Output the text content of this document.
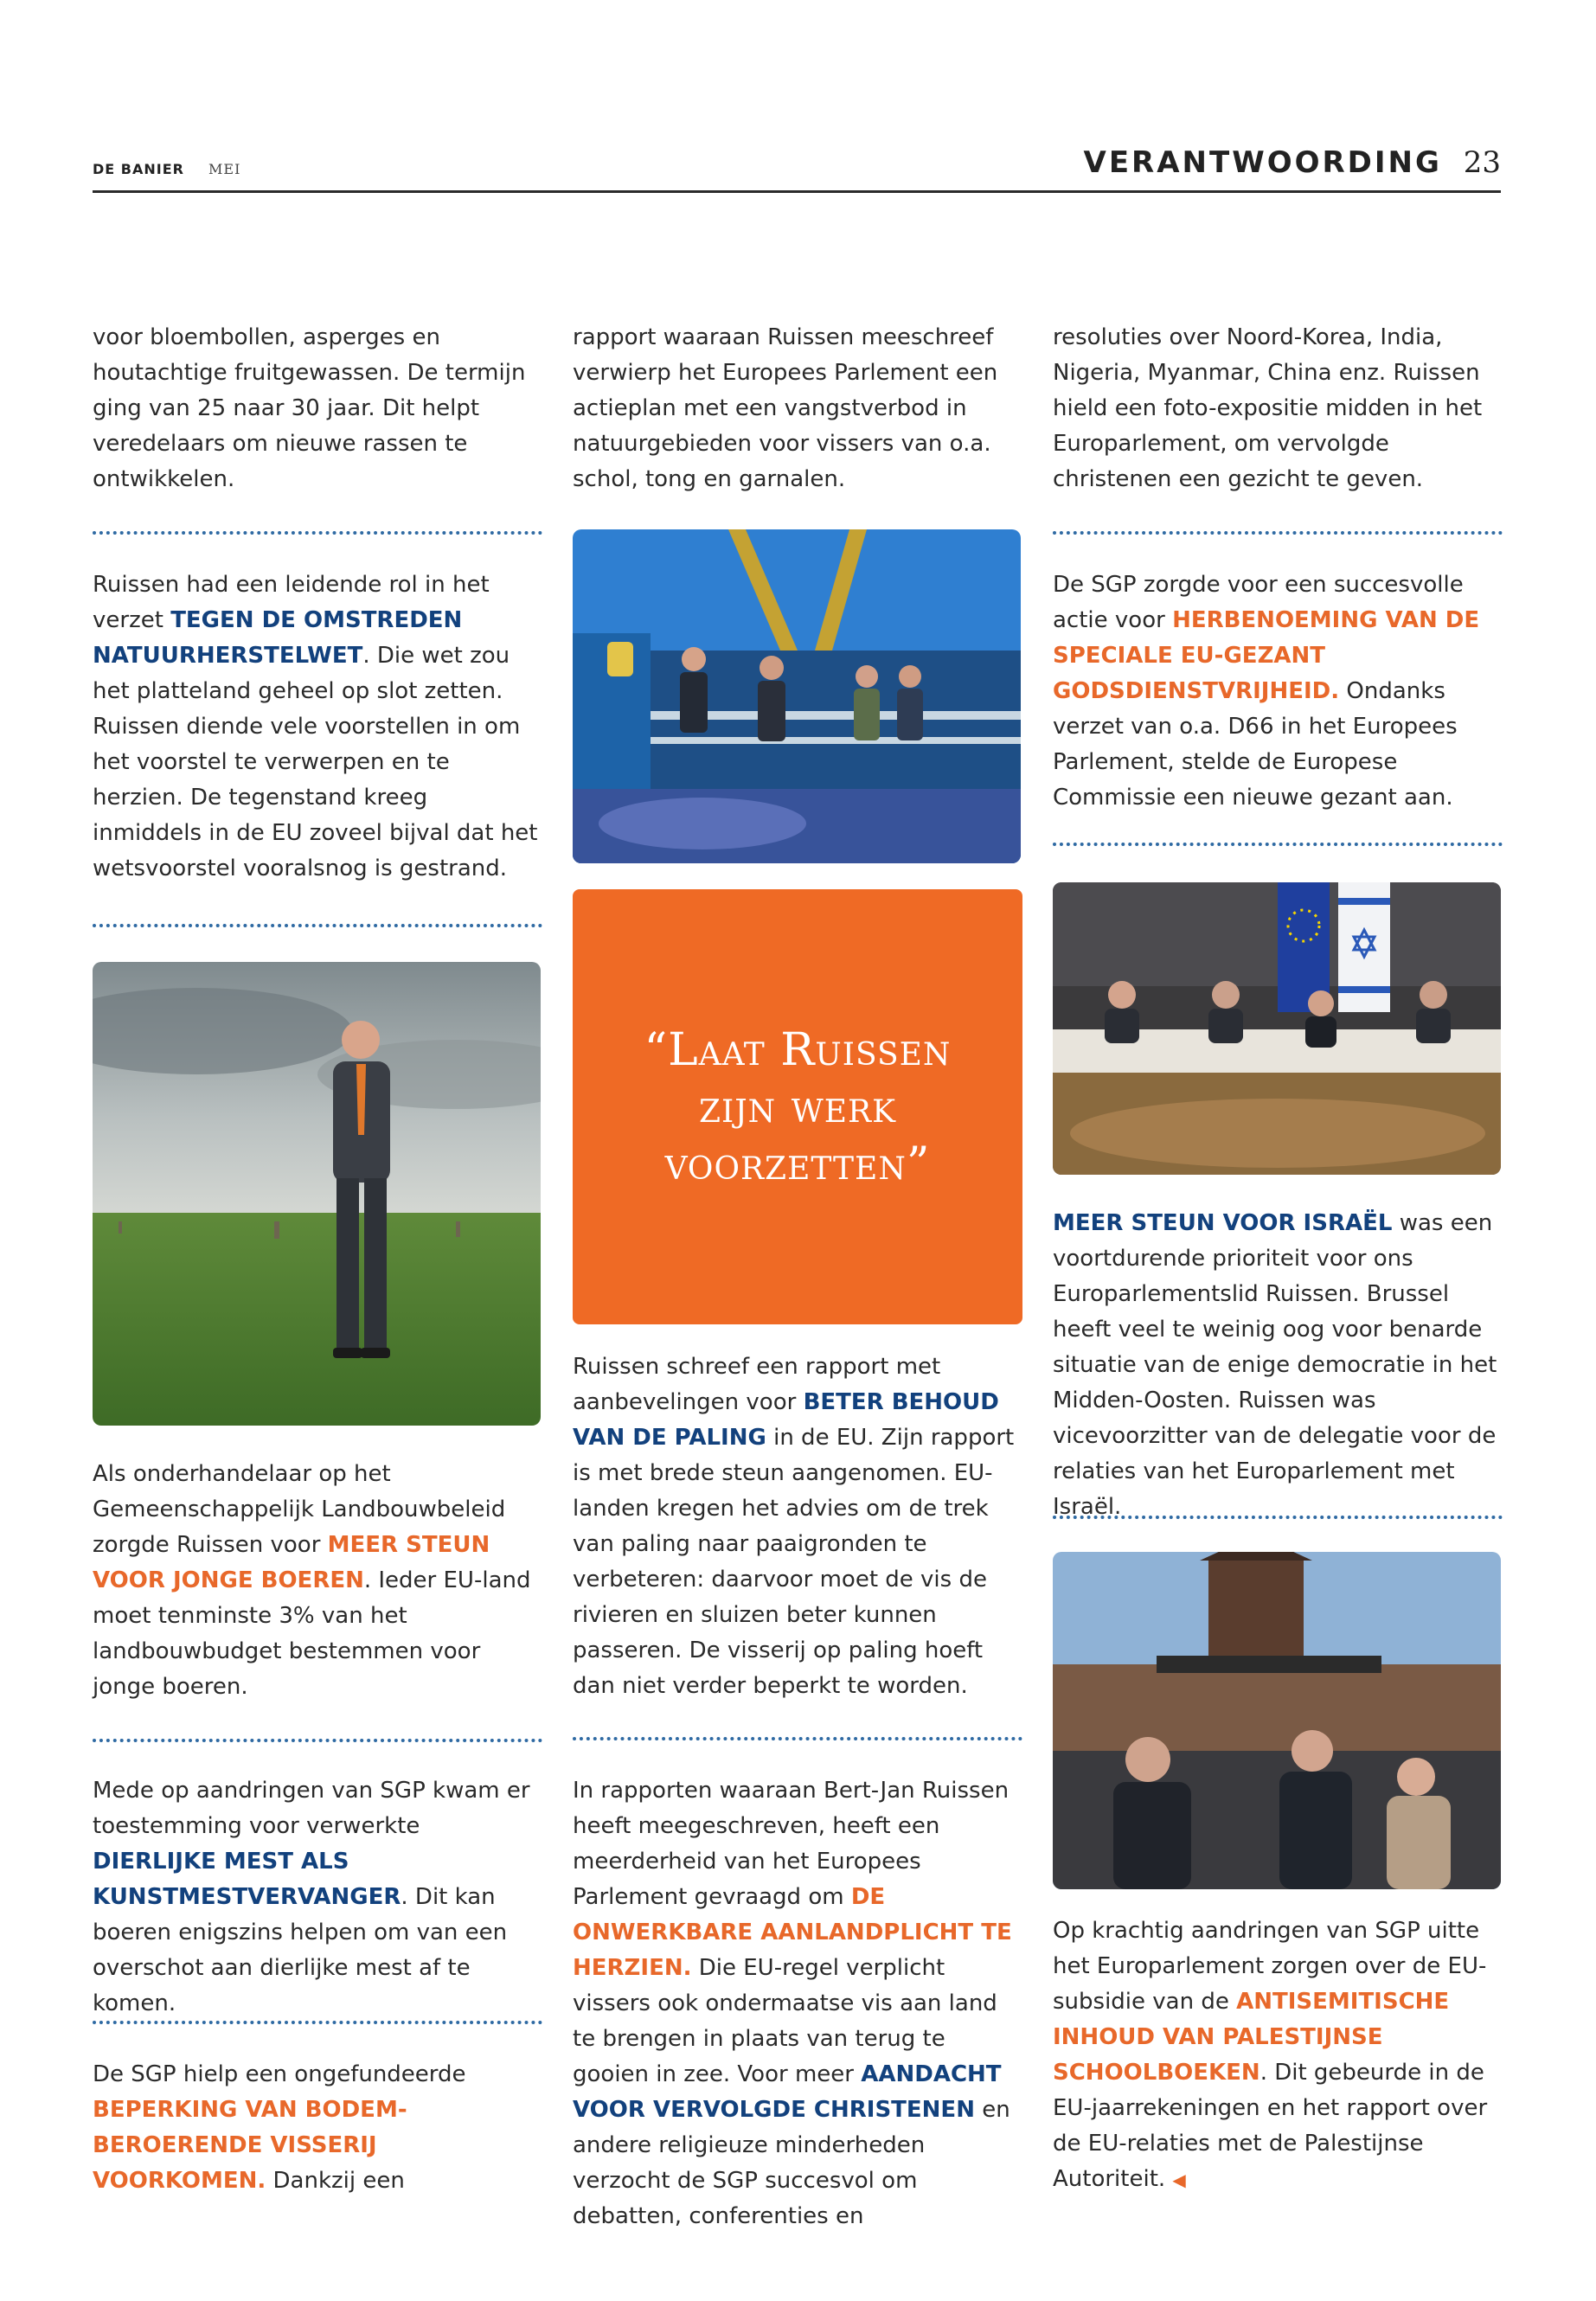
DE BANIER MEI	VERANTWOORDING 23
voor bloembollen, asperges en houtachtige fruitgewassen. De termijn ging van 25 naar 30 jaar. Dit helpt veredelaars om nieuwe rassen te ontwikkelen.
Ruissen had een leidende rol in het verzet TEGEN DE OMSTREDEN NATUURHERSTELWET. Die wet zou het platteland geheel op slot zetten. Ruissen diende vele voorstellen in om het voorstel te verwerpen en te herzien. De tegenstand kreeg inmiddels in de EU zoveel bijval dat het wetsvoorstel vooralsnog is gestrand.
Als onderhandelaar op het Gemeenschappelijk Landbouwbeleid zorgde Ruissen voor MEER STEUN VOOR JONGE BOEREN. Ieder EU-land moet tenminste 3% van het landbouwbudget bestemmen voor jonge boeren.
Mede op aandringen van SGP kwam er toestemming voor verwerkte DIERLIJKE MEST ALS KUNSTMESTVERVANGER. Dit kan boeren enigszins helpen om van een overschot aan dierlijke mest af te komen.
De SGP hielp een ongefundeerde BEPERKING VAN BODEM-BEROERENDE VISSERIJ VOORKOMEN. Dankzij een
rapport waaraan Ruissen meeschreef verwierp het Europees Parlement een actieplan met een vangstverbod in natuurgebieden voor vissers van o.a. schol, tong en garnalen.
“Laat Ruissen zijn werk voorzetten”
Ruissen schreef een rapport met aanbevelingen voor BETER BEHOUD VAN DE PALING in de EU. Zijn rapport is met brede steun aangenomen. EU-landen kregen het advies om de trek van paling naar paaigronden te verbeteren: daarvoor moet de vis de rivieren en sluizen beter kunnen passeren. De visserij op paling hoeft dan niet verder beperkt te worden.
In rapporten waaraan Bert-Jan Ruissen heeft meegeschreven, heeft een meerderheid van het Europees Parlement gevraagd om DE ONWERKBARE AANLANDPLICHT TE HERZIEN. Die EU-regel verplicht vissers ook ondermaatse vis aan land te brengen in plaats van terug te gooien in zee. Voor meer AANDACHT VOOR VERVOLGDE CHRISTENEN en andere religieuze minderheden verzocht de SGP succesvol om debatten, conferenties en
resoluties over Noord-Korea, India, Nigeria, Myanmar, China enz. Ruissen hield een foto-expositie midden in het Europarlement, om vervolgde christenen een gezicht te geven.
De SGP zorgde voor een succesvolle actie voor HERBENOEMING VAN DE SPECIALE EU-GEZANT GODSDIENSTVRIJHEID. Ondanks verzet van o.a. D66 in het Europees Parlement, stelde de Europese Commissie een nieuwe gezant aan.
MEER STEUN VOOR ISRAËL was een voortdurende prioriteit voor ons Europarlementslid Ruissen. Brussel heeft veel te weinig oog voor benarde situatie van de enige democratie in het Midden-Oosten. Ruissen was vicevoorzitter van de delegatie voor de relaties van het Europarlement met Israël.
Op krachtig aandringen van SGP uitte het Europarlement zorgen over de EU-subsidie van de ANTISEMITISCHE INHOUD VAN PALESTIJNSE SCHOOLBOEKEN. Dit gebeurde in de EU-jaarrekeningen en het rapport over de EU-relaties met de Palestijnse Autoriteit. ◀
